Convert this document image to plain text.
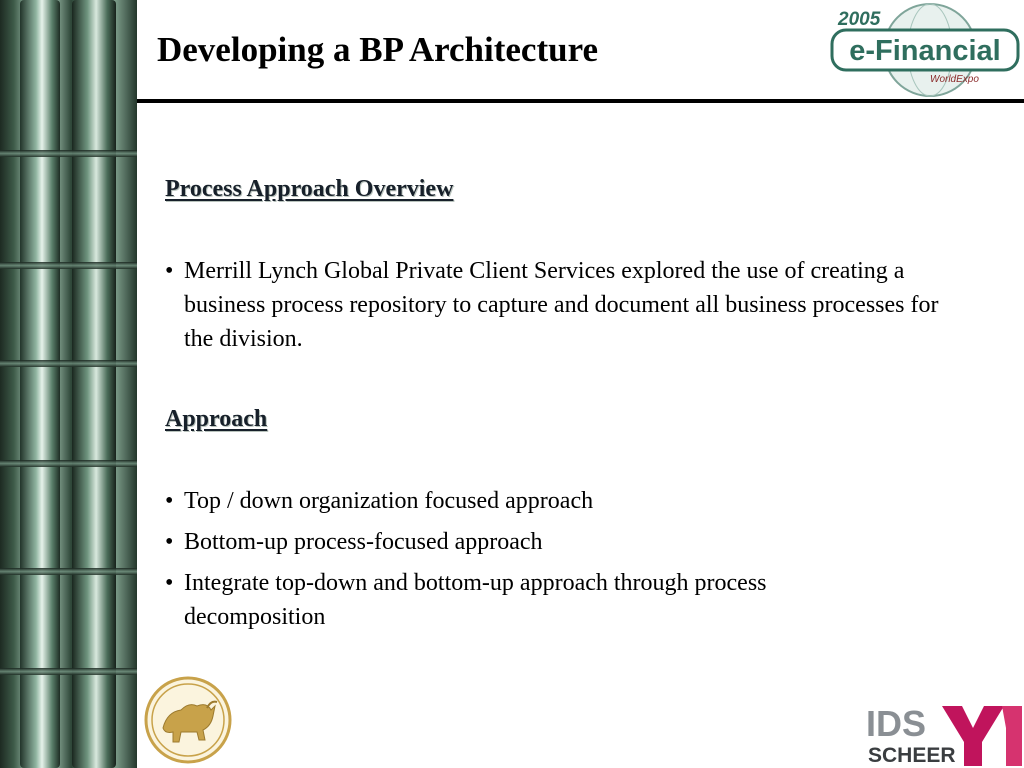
Developing a BP Architecture
2005
e-Financial
WorldExpo

Process Approach Overview

• Merrill Lynch Global Private Client Services explored the use of creating a business process repository to capture and document all business processes for the division.

Approach

• Top / down organization focused approach

• Bottom-up process-focused approach

• Integrate top-down and bottom-up approach through process decomposition

IDS
SCHEER
